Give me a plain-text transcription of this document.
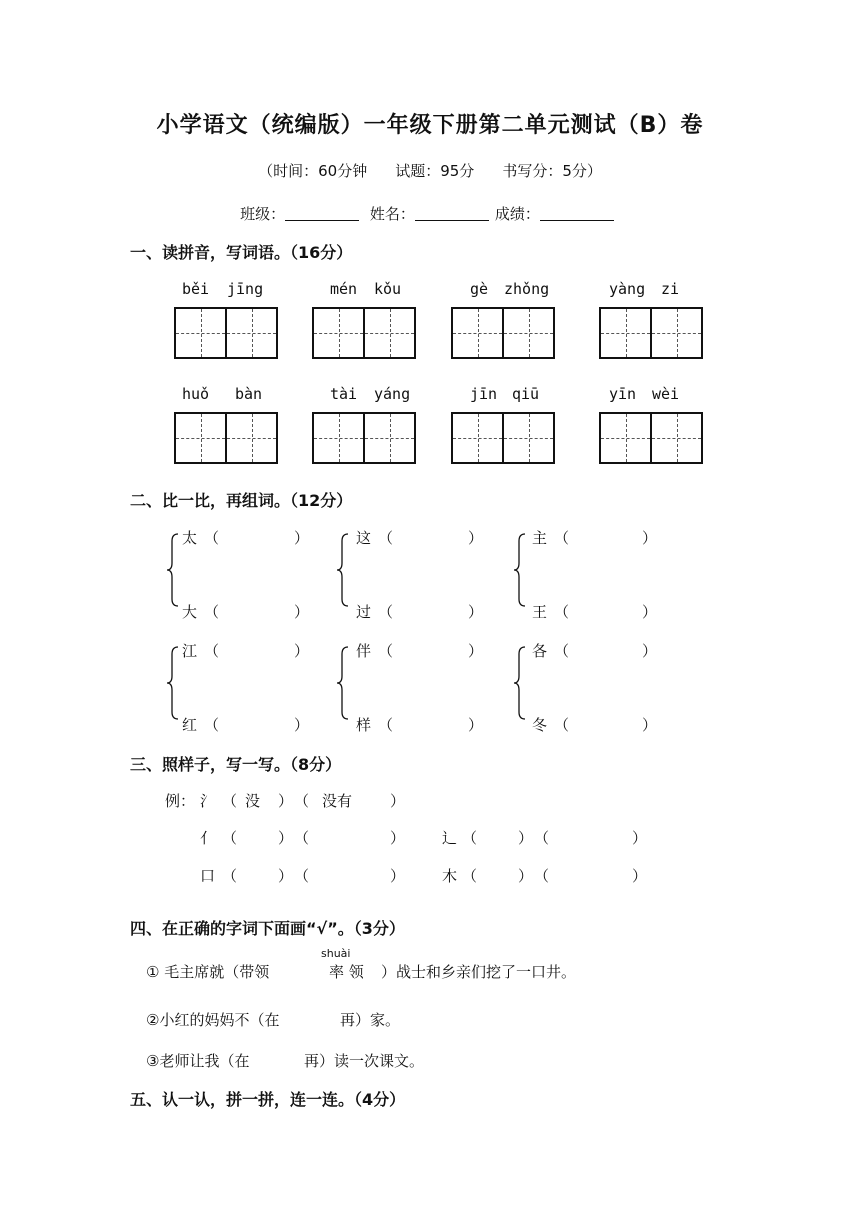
小学语文（统编版）一年级下册第二单元测试（B）卷
（时间：60分钟 试题：95分 书写分：5分）
班级：	姓名：	成绩：
一、读拼音，写词语。（16分）
běi jīng	mén kǒu	gè zhǒng	yàng zi
huǒ bàn	tài yáng	jīn qiū	yīn wèi
二、比一比，再组词。（12分）
太 （	）
大 （	）
这 （	）
过 （	）
主 （	）
王 （	）
江 （	）
红 （	）
伴 （	）
样 （	）
各 （	）
冬 （	）
三、照样子，写一写。（8分）
例： 氵 （ 没 ） （ 没有	）
亻 （	） （	） 辶 （	） （	）
口 （	） （	） 木 （	） （	）
四、在正确的字词下面画“√”。（3分）
① 毛主席就（带领
shuài
率 领 ）战士和乡亲们挖了一口井。
②小红的妈妈不（在	再）家。
③老师让我（在	再）读一次课文。
五、认一认，拼一拼，连一连。（4分）
